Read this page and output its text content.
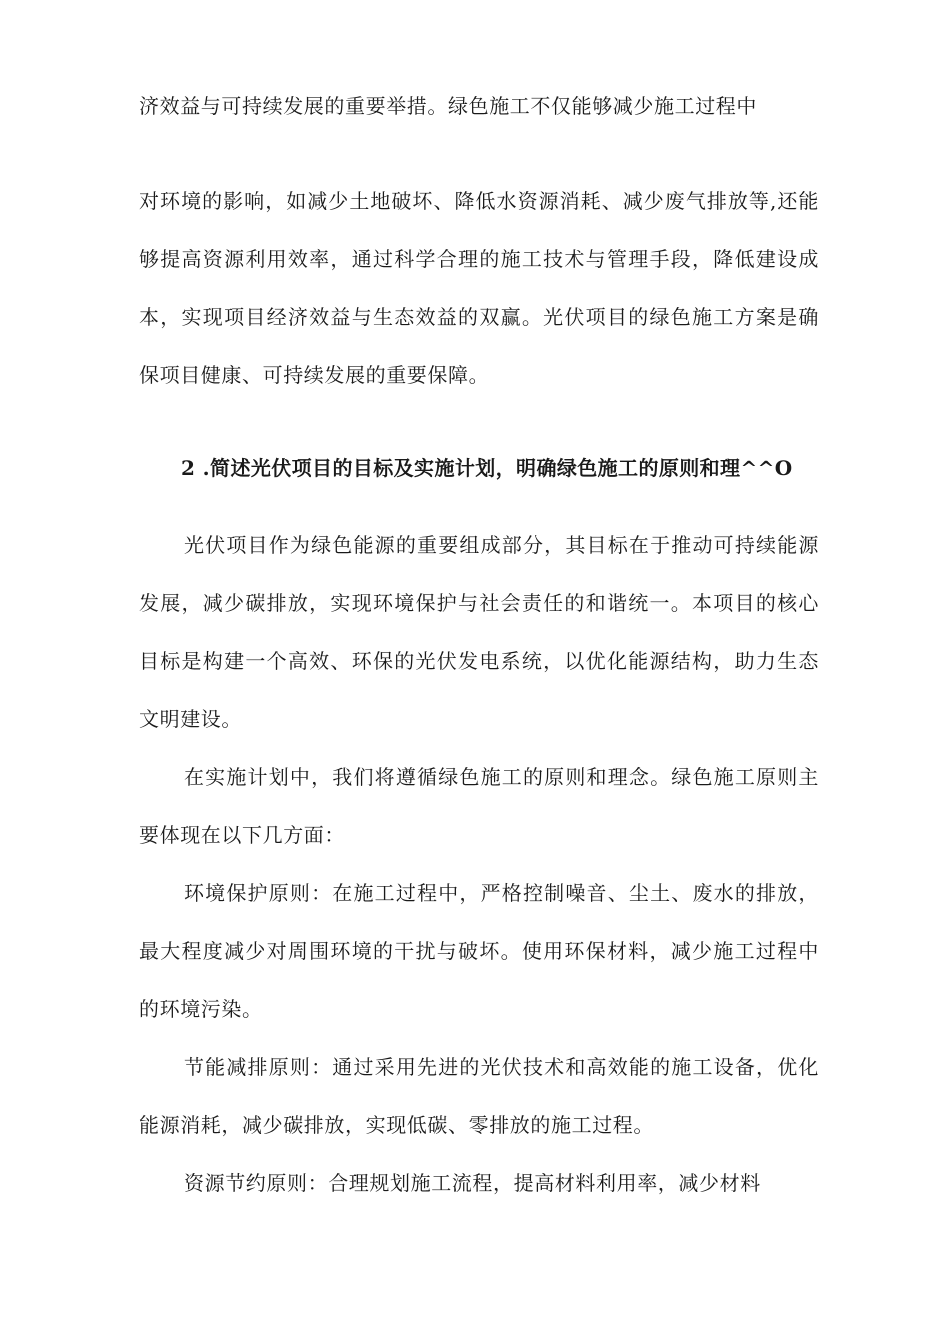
济效益与可持续发展的重要举措。绿色施工不仅能够减少施工过程中
对环境的影响，如减少土地破坏、降低水资源消耗、减少废气排放等,还能
够提高资源利用效率，通过科学合理的施工技术与管理手段，降低建设成
本，实现项目经济效益与生态效益的双赢。光伏项目的绿色施工方案是确
保项目健康、可持续发展的重要保障。
2 .简述光伏项目的目标及实施计划，明确绿色施工的原则和理^^O
光伏项目作为绿色能源的重要组成部分，其目标在于推动可持续能源
发展，减少碳排放，实现环境保护与社会责任的和谐统一。本项目的核心
目标是构建一个高效、环保的光伏发电系统，以优化能源结构，助力生态
文明建设。
在实施计划中，我们将遵循绿色施工的原则和理念。绿色施工原则主
要体现在以下几方面：
环境保护原则：在施工过程中，严格控制噪音、尘土、废水的排放，
最大程度减少对周围环境的干扰与破坏。使用环保材料，减少施工过程中
的环境污染。
节能减排原则：通过采用先进的光伏技术和高效能的施工设备，优化
能源消耗，减少碳排放，实现低碳、零排放的施工过程。
资源节约原则：合理规划施工流程，提高材料利用率，减少材料
